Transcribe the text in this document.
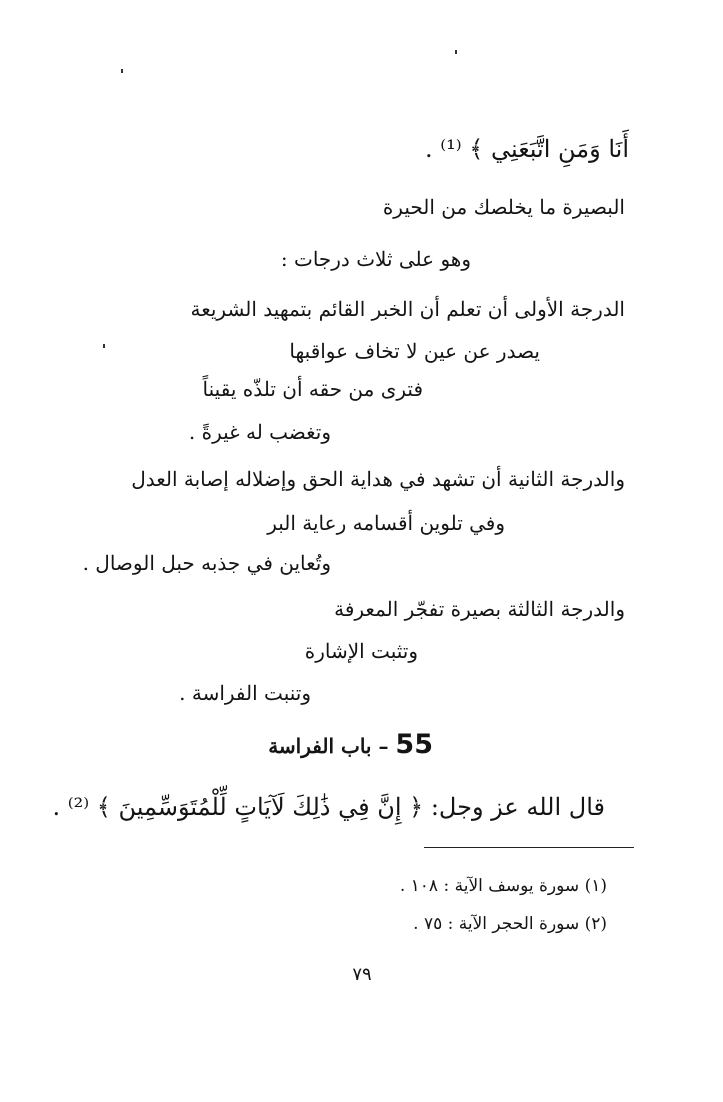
أَنَا وَمَنِ اتَّبَعَنِي ﴾ ⁽¹⁾ .
البصيرة ما يخلصك من الحيرة
وهو على ثلاث درجات :
الدرجة الأولى أن تعلم أن الخبر القائم بتمهيد الشريعة
يصدر عن عين لا تخاف عواقبها
فترى من حقه أن تلذّه يقيناً
وتغضب له غيرةً .
والدرجة الثانية أن تشهد في هداية الحق وإضلاله إصابة العدل
وفي تلوين أقسامه رعاية البر
وتُعاين في جذبه حبل الوصال .
والدرجة الثالثة بصيرة تفجّر المعرفة
وتثبت الإشارة
وتنبت الفراسة .
55 – باب الفراسة
قال الله عز وجل: ﴿ إِنَّ فِي ذَٰلِكَ لَآيَاتٍ لِّلْمُتَوَسِّمِينَ ﴾ ⁽²⁾ .
(١) سورة يوسف الآية : ١٠٨ .
(٢) سورة الحجر الآية : ٧٥ .
٧٩
